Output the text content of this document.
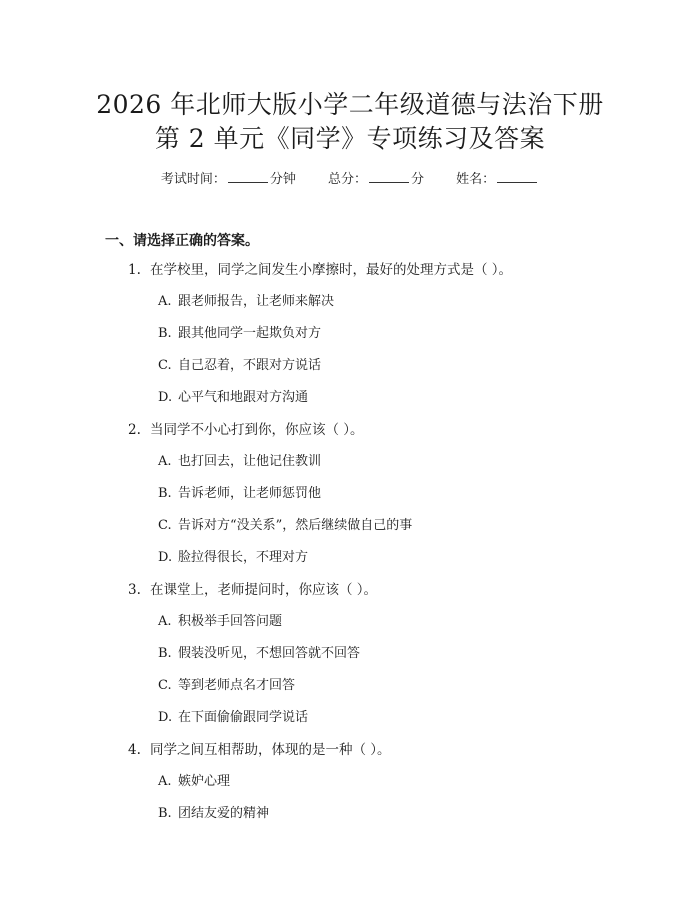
2026 年北师大版小学二年级道德与法治下册
第 2 单元《同学》专项练习及答案
考试时间：	分钟 总分：	分 姓名：
一、请选择正确的答案。
1. 在学校里，同学之间发生小摩擦时，最好的处理方式是（ ）。
A. 跟老师报告，让老师来解决
B. 跟其他同学一起欺负对方
C. 自己忍着，不跟对方说话
D. 心平气和地跟对方沟通
2. 当同学不小心打到你，你应该（ ）。
A. 也打回去，让他记住教训
B. 告诉老师，让老师惩罚他
C. 告诉对方“没关系”，然后继续做自己的事
D. 脸拉得很长，不理对方
3. 在课堂上，老师提问时，你应该（ ）。
A. 积极举手回答问题
B. 假装没听见，不想回答就不回答
C. 等到老师点名才回答
D. 在下面偷偷跟同学说话
4. 同学之间互相帮助，体现的是一种（ ）。
A. 嫉妒心理
B. 团结友爱的精神
